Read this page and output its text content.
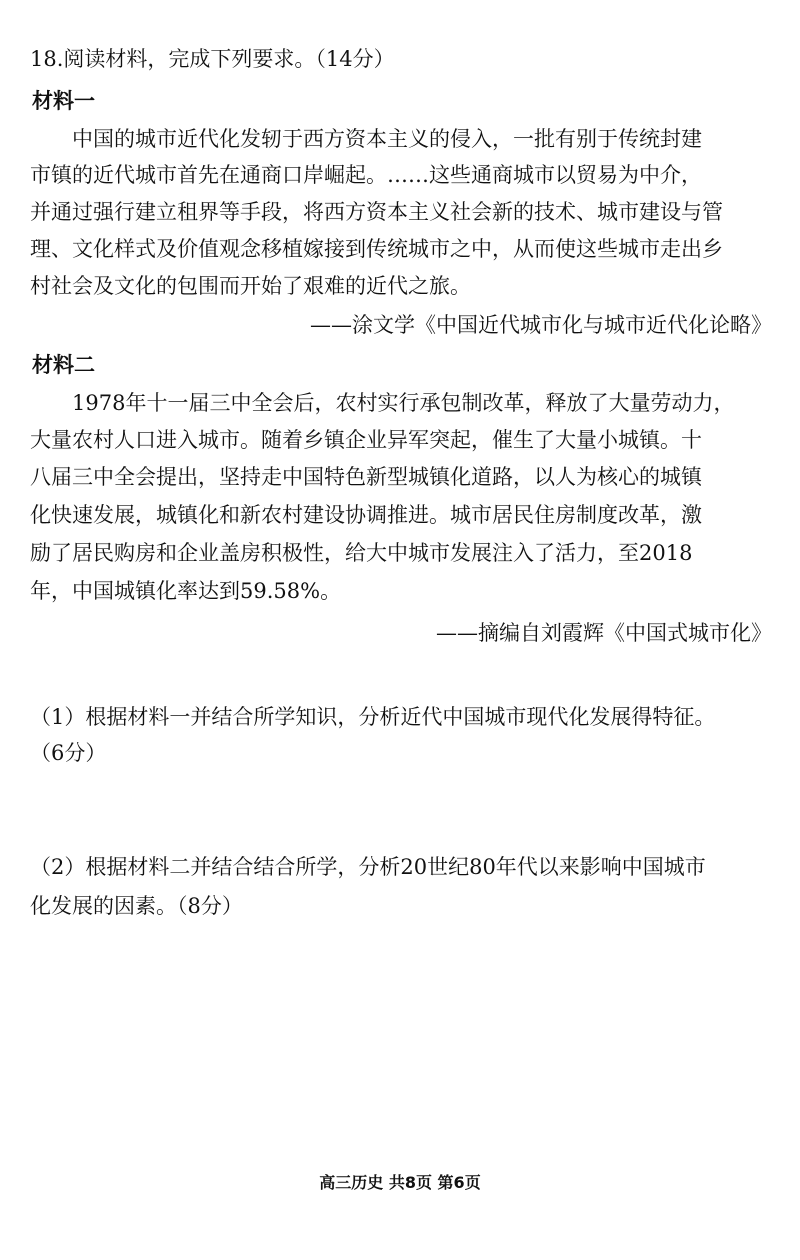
18.阅读材料，完成下列要求。（14分）
材料一
中国的城市近代化发轫于西方资本主义的侵入，一批有别于传统封建
市镇的近代城市首先在通商口岸崛起。……这些通商城市以贸易为中介，
并通过强行建立租界等手段，将西方资本主义社会新的技术、城市建设与管
理、文化样式及价值观念移植嫁接到传统城市之中，从而使这些城市走出乡
村社会及文化的包围而开始了艰难的近代之旅。
——涂文学《中国近代城市化与城市近代化论略》
材料二
1978年十一届三中全会后，农村实行承包制改革，释放了大量劳动力，
大量农村人口进入城市。随着乡镇企业异军突起，催生了大量小城镇。十
八届三中全会提出，坚持走中国特色新型城镇化道路，以人为核心的城镇
化快速发展，城镇化和新农村建设协调推进。城市居民住房制度改革，激
励了居民购房和企业盖房积极性，给大中城市发展注入了活力，至2018
年，中国城镇化率达到59.58%。
——摘编自刘霞辉《中国式城市化》
（1）根据材料一并结合所学知识，分析近代中国城市现代化发展得特征。
（6分）
（2）根据材料二并结合结合所学，分析20世纪80年代以来影响中国城市
化发展的因素。（8分）
高三历史 共8页 第6页
